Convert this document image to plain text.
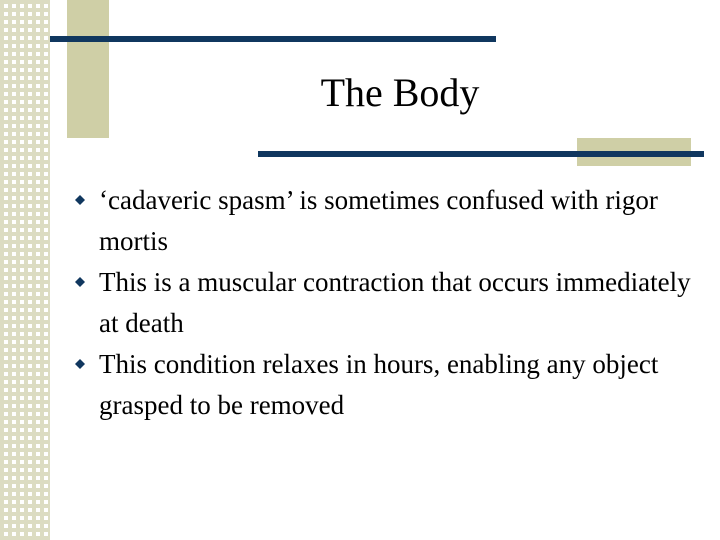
The Body
‘cadaveric spasm’ is sometimes confused with rigor mortis
This is a muscular contraction that occurs immediately at death
This condition relaxes in hours, enabling any object grasped to be removed
